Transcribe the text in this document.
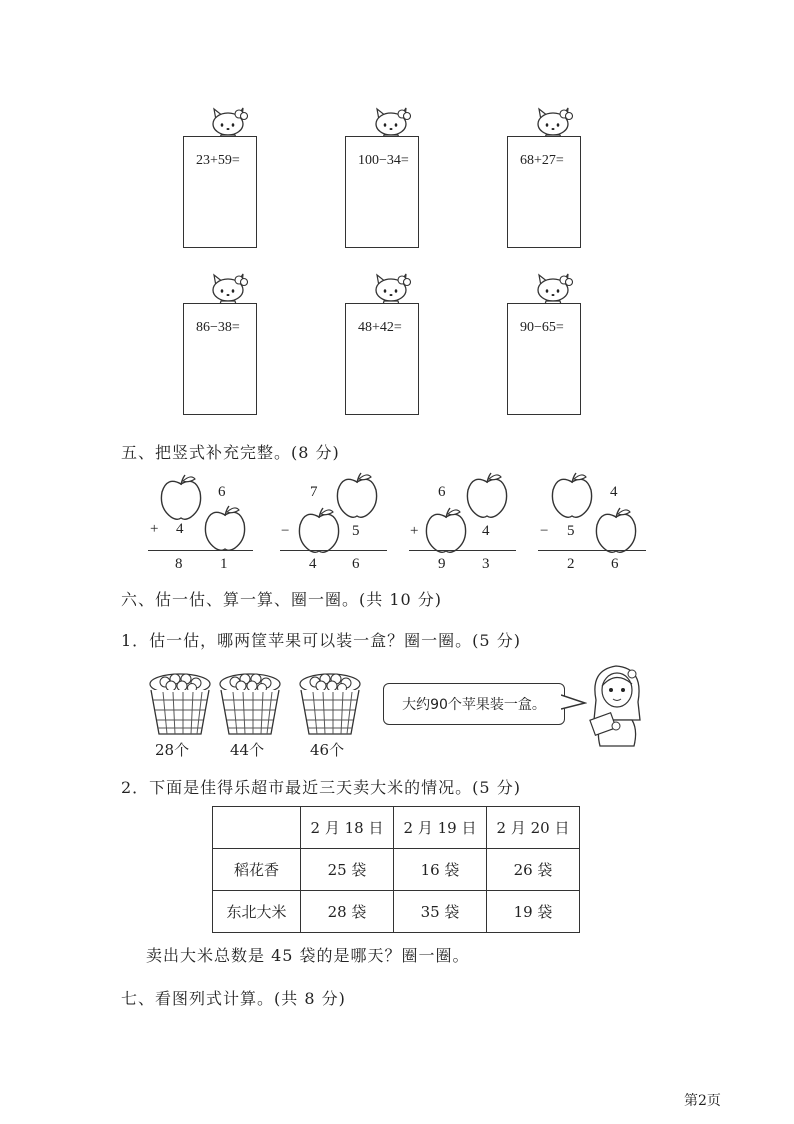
23+59=	100−34=	68+27=
86−38=	48+42=	90−65=
五、把竖式补充完整。(8 分)
6
+ 4
8	1
7
−	5
4 6
6
+	4
9 3
4
− 5
2 6
六、估一估、算一算、圈一圈。(共 10 分)
1．估一估，哪两筐苹果可以装一盒？圈一圈。(5 分)
28个	44个	46个
大约90个苹果装一盒。
2．下面是佳得乐超市最近三天卖大米的情况。(5 分)
	2 月 18 日	2 月 19 日	2 月 20 日
稻花香	25 袋	16 袋	26 袋
东北大米	28 袋	35 袋	19 袋
卖出大米总数是 45 袋的是哪天？圈一圈。
七、看图列式计算。(共 8 分)
第2页
